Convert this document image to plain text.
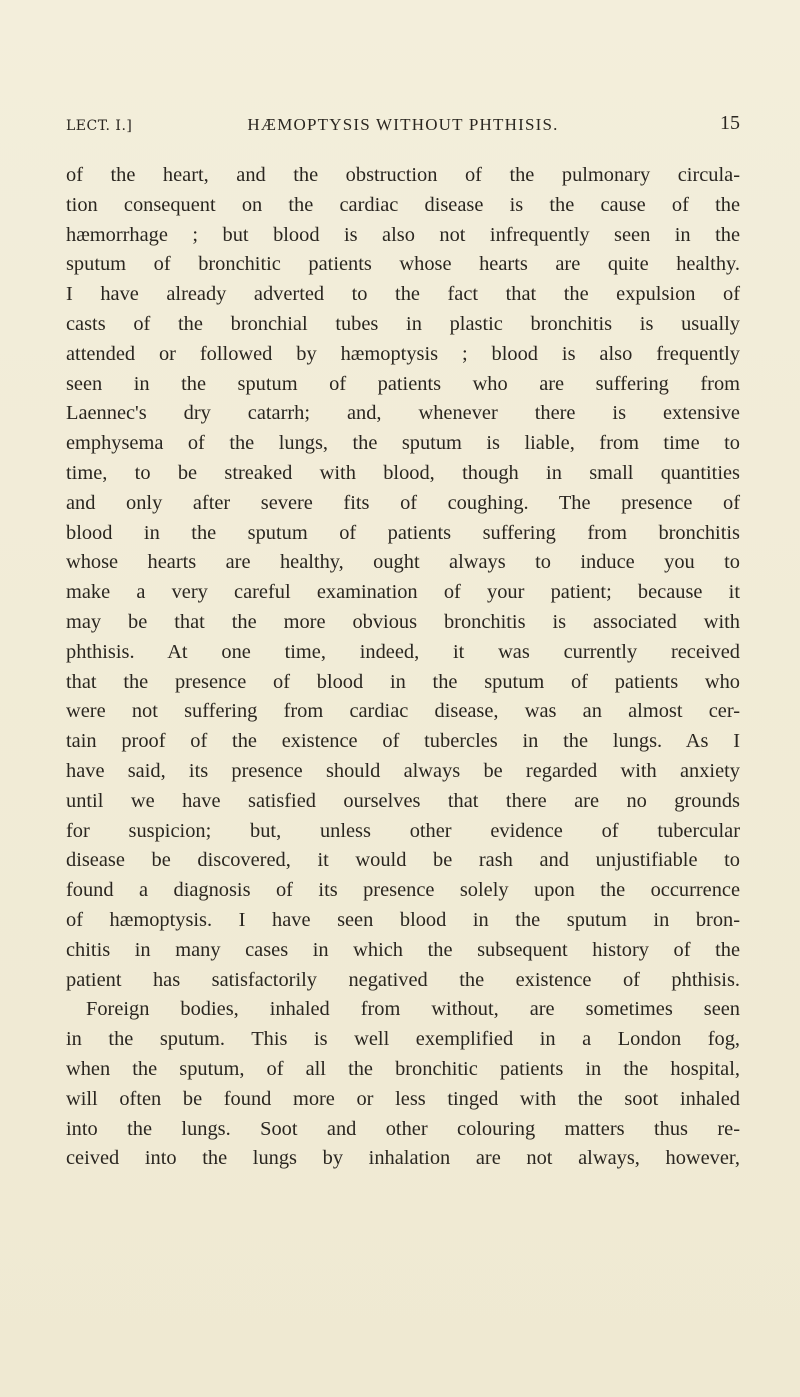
LECT. I.]	HÆMOPTYSIS WITHOUT PHTHISIS.	15
of the heart, and the obstruction of the pulmonary circula-
tion consequent on the cardiac disease is the cause of the
hæmorrhage ; but blood is also not infrequently seen in the
sputum of bronchitic patients whose hearts are quite healthy.
I have already adverted to the fact that the expulsion of
casts of the bronchial tubes in plastic bronchitis is usually
attended or followed by hæmoptysis ; blood is also frequently
seen in the sputum of patients who are suffering from
Laennec's dry catarrh; and, whenever there is extensive
emphysema of the lungs, the sputum is liable, from time to
time, to be streaked with blood, though in small quantities
and only after severe fits of coughing. The presence of
blood in the sputum of patients suffering from bronchitis
whose hearts are healthy, ought always to induce you to
make a very careful examination of your patient; because it
may be that the more obvious bronchitis is associated with
phthisis. At one time, indeed, it was currently received
that the presence of blood in the sputum of patients who
were not suffering from cardiac disease, was an almost cer-
tain proof of the existence of tubercles in the lungs. As I
have said, its presence should always be regarded with anxiety
until we have satisfied ourselves that there are no grounds
for suspicion; but, unless other evidence of tubercular
disease be discovered, it would be rash and unjustifiable to
found a diagnosis of its presence solely upon the occurrence
of hæmoptysis. I have seen blood in the sputum in bron-
chitis in many cases in which the subsequent history of the
patient has satisfactorily negatived the existence of phthisis.
Foreign bodies, inhaled from without, are sometimes seen
in the sputum. This is well exemplified in a London fog,
when the sputum, of all the bronchitic patients in the hospital,
will often be found more or less tinged with the soot inhaled
into the lungs. Soot and other colouring matters thus re-
ceived into the lungs by inhalation are not always, however,
